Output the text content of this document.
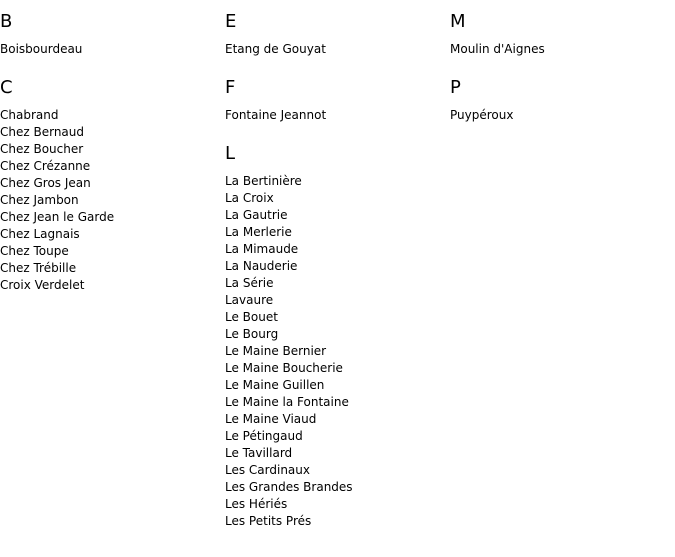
B
Boisbourdeau
C
Chabrand
Chez Bernaud
Chez Boucher
Chez Crézanne
Chez Gros Jean
Chez Jambon
Chez Jean le Garde
Chez Lagnais
Chez Toupe
Chez Trébille
Croix Verdelet
E
Etang de Gouyat
F
Fontaine Jeannot
L
La Bertinière
La Croix
La Gautrie
La Merlerie
La Mimaude
La Nauderie
La Série
Lavaure
Le Bouet
Le Bourg
Le Maine Bernier
Le Maine Boucherie
Le Maine Guillen
Le Maine la Fontaine
Le Maine Viaud
Le Pétingaud
Le Tavillard
Les Cardinaux
Les Grandes Brandes
Les Hériés
Les Petits Prés
M
Moulin d'Aignes
P
Puypéroux
